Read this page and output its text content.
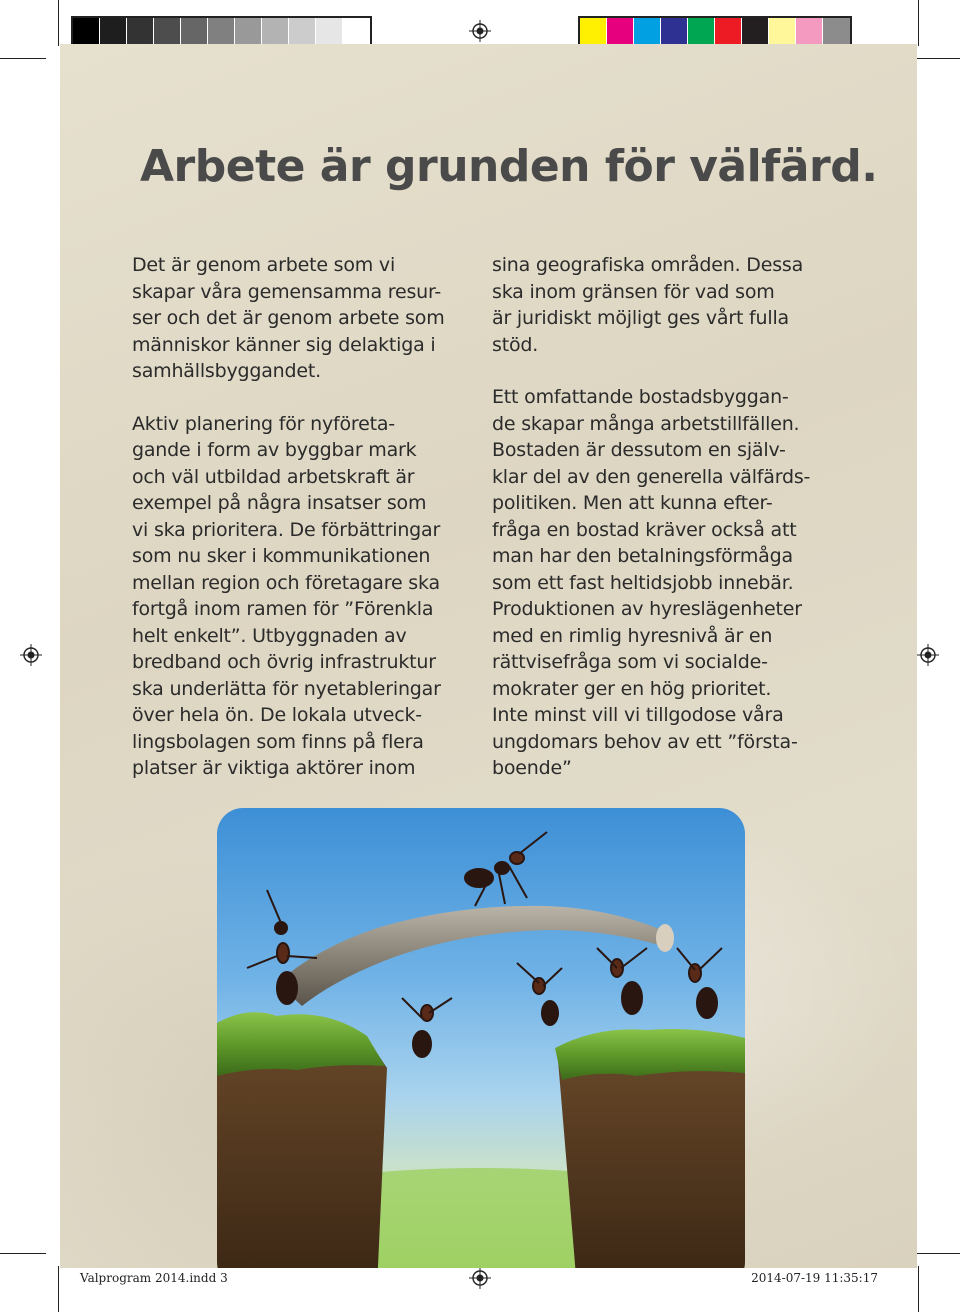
Arbete är grunden för välfärd.

Det är genom arbete som vi
skapar våra gemensamma resur-
ser och det är genom arbete som
människor känner sig delaktiga i
samhällsbyggandet.

Aktiv planering för nyföreta-
gande i form av byggbar mark
och väl utbildad arbetskraft är
exempel på några insatser som
vi ska prioritera. De förbättringar
som nu sker i kommunikationen
mellan region och företagare ska
fortgå inom ramen för ”Förenkla
helt enkelt”. Utbyggnaden av
bredband och övrig infrastruktur
ska underlätta för nyetableringar
över hela ön. De lokala utveck-
lingsbolagen som finns på flera
platser är viktiga aktörer inom

sina geografiska områden. Dessa
ska inom gränsen för vad som
är juridiskt möjligt ges vårt fulla
stöd.

Ett omfattande bostadsbyggan-
de skapar många arbetstillfällen.
Bostaden är dessutom en själv-
klar del av den generella välfärds-
politiken. Men att kunna efter-
fråga en bostad kräver också att
man har den betalningsförmåga
som ett fast heltidsjobb innebär.
Produktionen av hyreslägenheter
med en rimlig hyresnivå är en
rättvisefråga som vi socialde-
mokrater ger en hög prioritet.
Inte minst vill vi tillgodose våra
ungdomars behov av ett ”första-
boende”

Valprogram 2014.indd 3	2014-07-19 11:35:17
